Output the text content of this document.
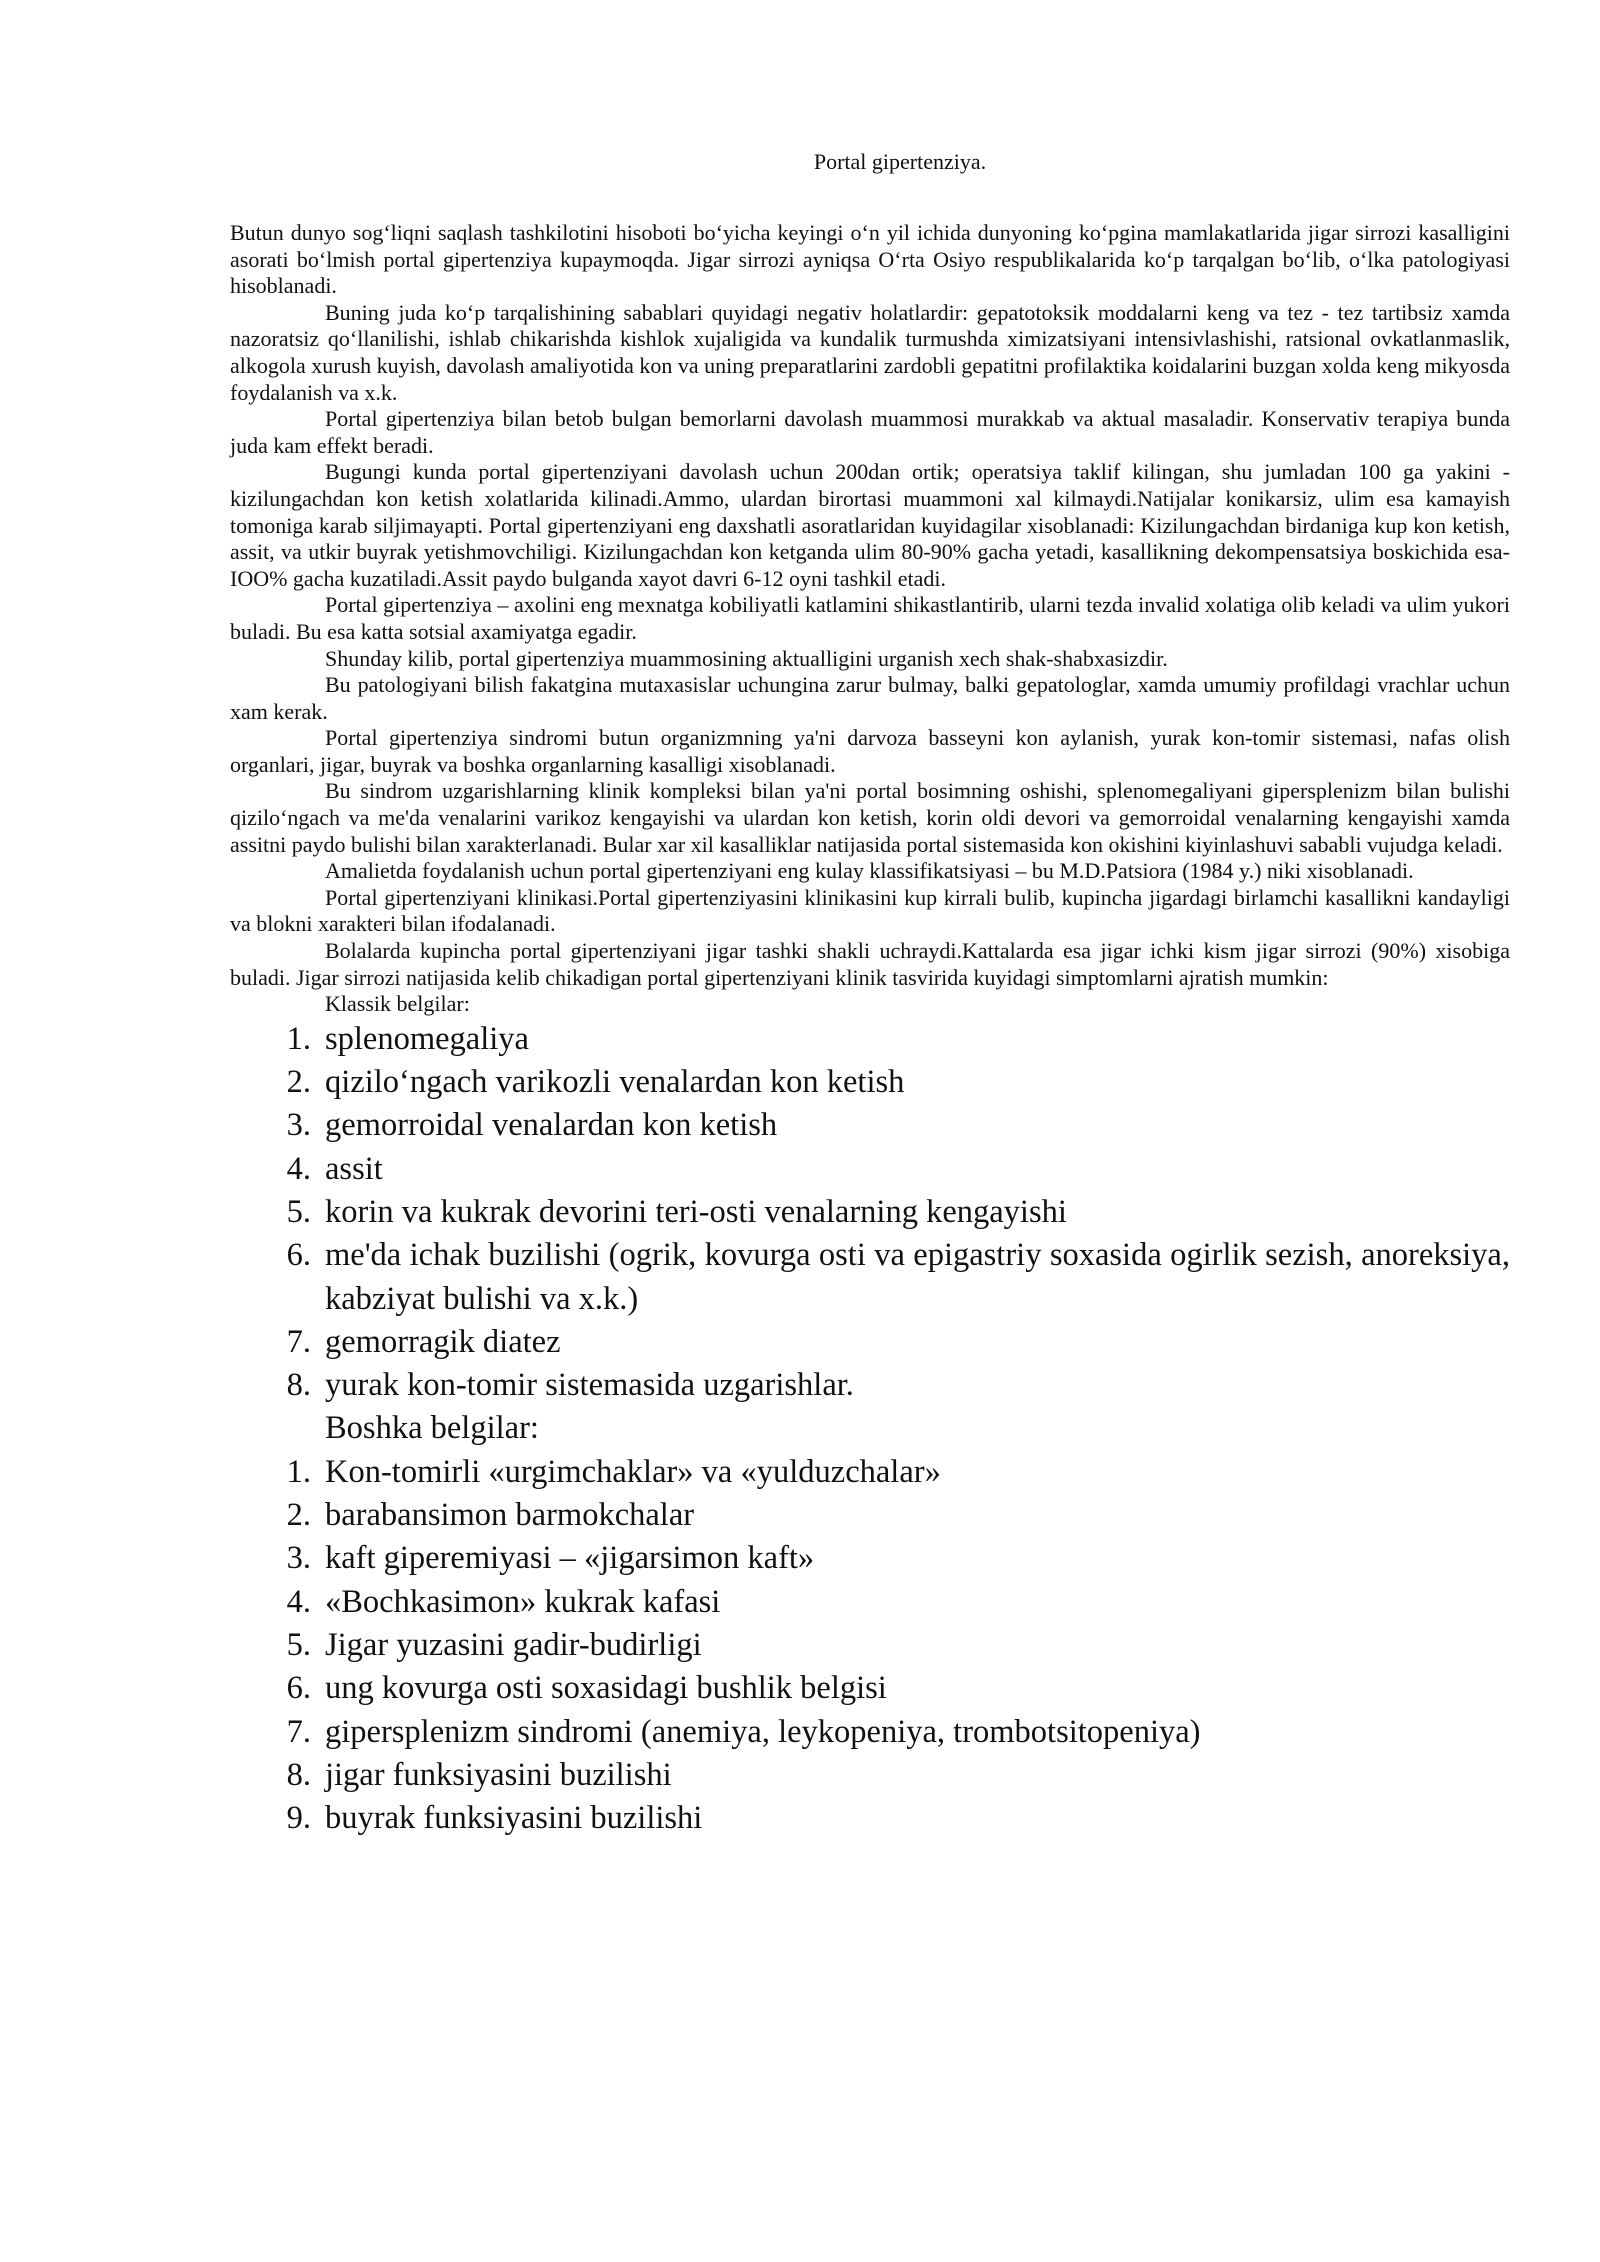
Portal gipertenziya.

Butun dunyo sog‘liqni saqlash tashkilotini hisoboti bo‘yicha keyingi o‘n yil ichida dunyoning ko‘pgina mamlakatlarida jigar sirrozi kasalligini asorati bo‘lmish portal gipertenziya kupaymoqda. Jigar sirrozi ayniqsa O‘rta Osiyo respublikalarida ko‘p tarqalgan bo‘lib, o‘lka patologiyasi hisoblanadi.

Buning juda ko‘p tarqalishining sabablari quyidagi negativ holatlardir: gepatotoksik moddalarni keng va tez - tez tartibsiz xamda nazoratsiz qo‘llanilishi, ishlab chikarishda kishlok xujaligida va kundalik turmushda ximizatsiyani intensivlashishi, ratsional ovkatlanmaslik, alkogola xurush kuyish, davolash amaliyotida kon va uning preparatlarini zardobli gepatitni profilaktika koidalarini buzgan xolda keng mikyosda foydalanish va x.k.

Portal gipertenziya bilan betob bulgan bemorlarni davolash muammosi murakkab va aktual masaladir. Konservativ terapiya bunda juda kam effekt beradi.

Bugungi kunda portal gipertenziyani davolash uchun 200dan ortik; operatsiya taklif kilingan, shu jumladan 100 ga yakini -kizilungachdan kon ketish xolatlarida kilinadi.Ammo, ulardan birortasi muammoni xal kilmaydi.Natijalar konikarsiz, ulim esa kamayish tomoniga karab siljimayapti. Portal gipertenziyani eng daxshatli asoratlaridan kuyidagilar xisoblanadi: Kizilungachdan birdaniga kup kon ketish, assit, va utkir buyrak yetishmovchiligi. Kizilungachdan kon ketganda ulim 80-90% gacha yetadi, kasallikning dekompensatsiya boskichida esa-IOO% gacha kuzatiladi.Assit paydo bulganda xayot davri 6-12 oyni tashkil etadi.

Portal gipertenziya – axolini eng mexnatga kobiliyatli katlamini shikastlantirib, ularni tezda invalid xolatiga olib keladi va ulim yukori buladi. Bu esa katta sotsial axamiyatga egadir.

Shunday kilib, portal gipertenziya muammosining aktualligini urganish xech shak-shabxasizdir.

Bu patologiyani bilish fakatgina mutaxasislar uchungina zarur bulmay, balki gepatologlar, xamda umumiy profildagi vrachlar uchun xam kerak.

Portal gipertenziya sindromi butun organizmning ya'ni darvoza basseyni kon aylanish, yurak kon-tomir sistemasi, nafas olish organlari, jigar, buyrak va boshka organlarning kasalligi xisoblanadi.

Bu sindrom uzgarishlarning klinik kompleksi bilan ya'ni portal bosimning oshishi, splenomegaliyani gipersplenizm bilan bulishi qizilo‘ngach va me'da venalarini varikoz kengayishi va ulardan kon ketish, korin oldi devori va gemorroidal venalarning kengayishi xamda assitni paydo bulishi bilan xarakterlanadi. Bular xar xil kasalliklar natijasida portal sistemasida kon okishini kiyinlashuvi sababli vujudga keladi.

Amalietda foydalanish uchun portal gipertenziyani eng kulay klassifikatsiyasi – bu M.D.Patsiora (1984 y.) niki xisoblanadi.

Portal gipertenziyani klinikasi.Portal gipertenziyasini klinikasini kup kirrali bulib, kupincha jigardagi birlamchi kasallikni kandayligi va blokni xarakteri bilan ifodalanadi.

Bolalarda kupincha portal gipertenziyani jigar tashki shakli uchraydi.Kattalarda esa jigar ichki kism jigar sirrozi (90%) xisobiga buladi. Jigar sirrozi natijasida kelib chikadigan portal gipertenziyani klinik tasvirida kuyidagi simptomlarni ajratish mumkin:

Klassik belgilar:
1. splenomegaliya
2. qizilo‘ngach varikozli venalardan kon ketish
3. gemorroidal venalardan kon ketish
4. assit
5. korin va kukrak devorini teri-osti venalarning kengayishi
6. me'da ichak buzilishi (ogrik, kovurga osti va epigastriy soxasida ogirlik sezish, anoreksiya, kabziyat bulishi va x.k.)
7. gemorragik diatez
8. yurak kon-tomir sistemasida uzgarishlar.
Boshka belgilar:
1. Kon-tomirli «urgimchaklar» va «yulduzchalar»
2. barabansimon barmokchalar
3. kaft giperemiyasi – «jigarsimon kaft»
4. «Bochkasimon» kukrak kafasi
5. Jigar yuzasini gadir-budirligi
6. ung kovurga osti soxasidagi bushlik belgisi
7. gipersplenizm sindromi (anemiya, leykopeniya, trombotsitopeniya)
8. jigar funksiyasini buzilishi
9. buyrak funksiyasini buzilishi
